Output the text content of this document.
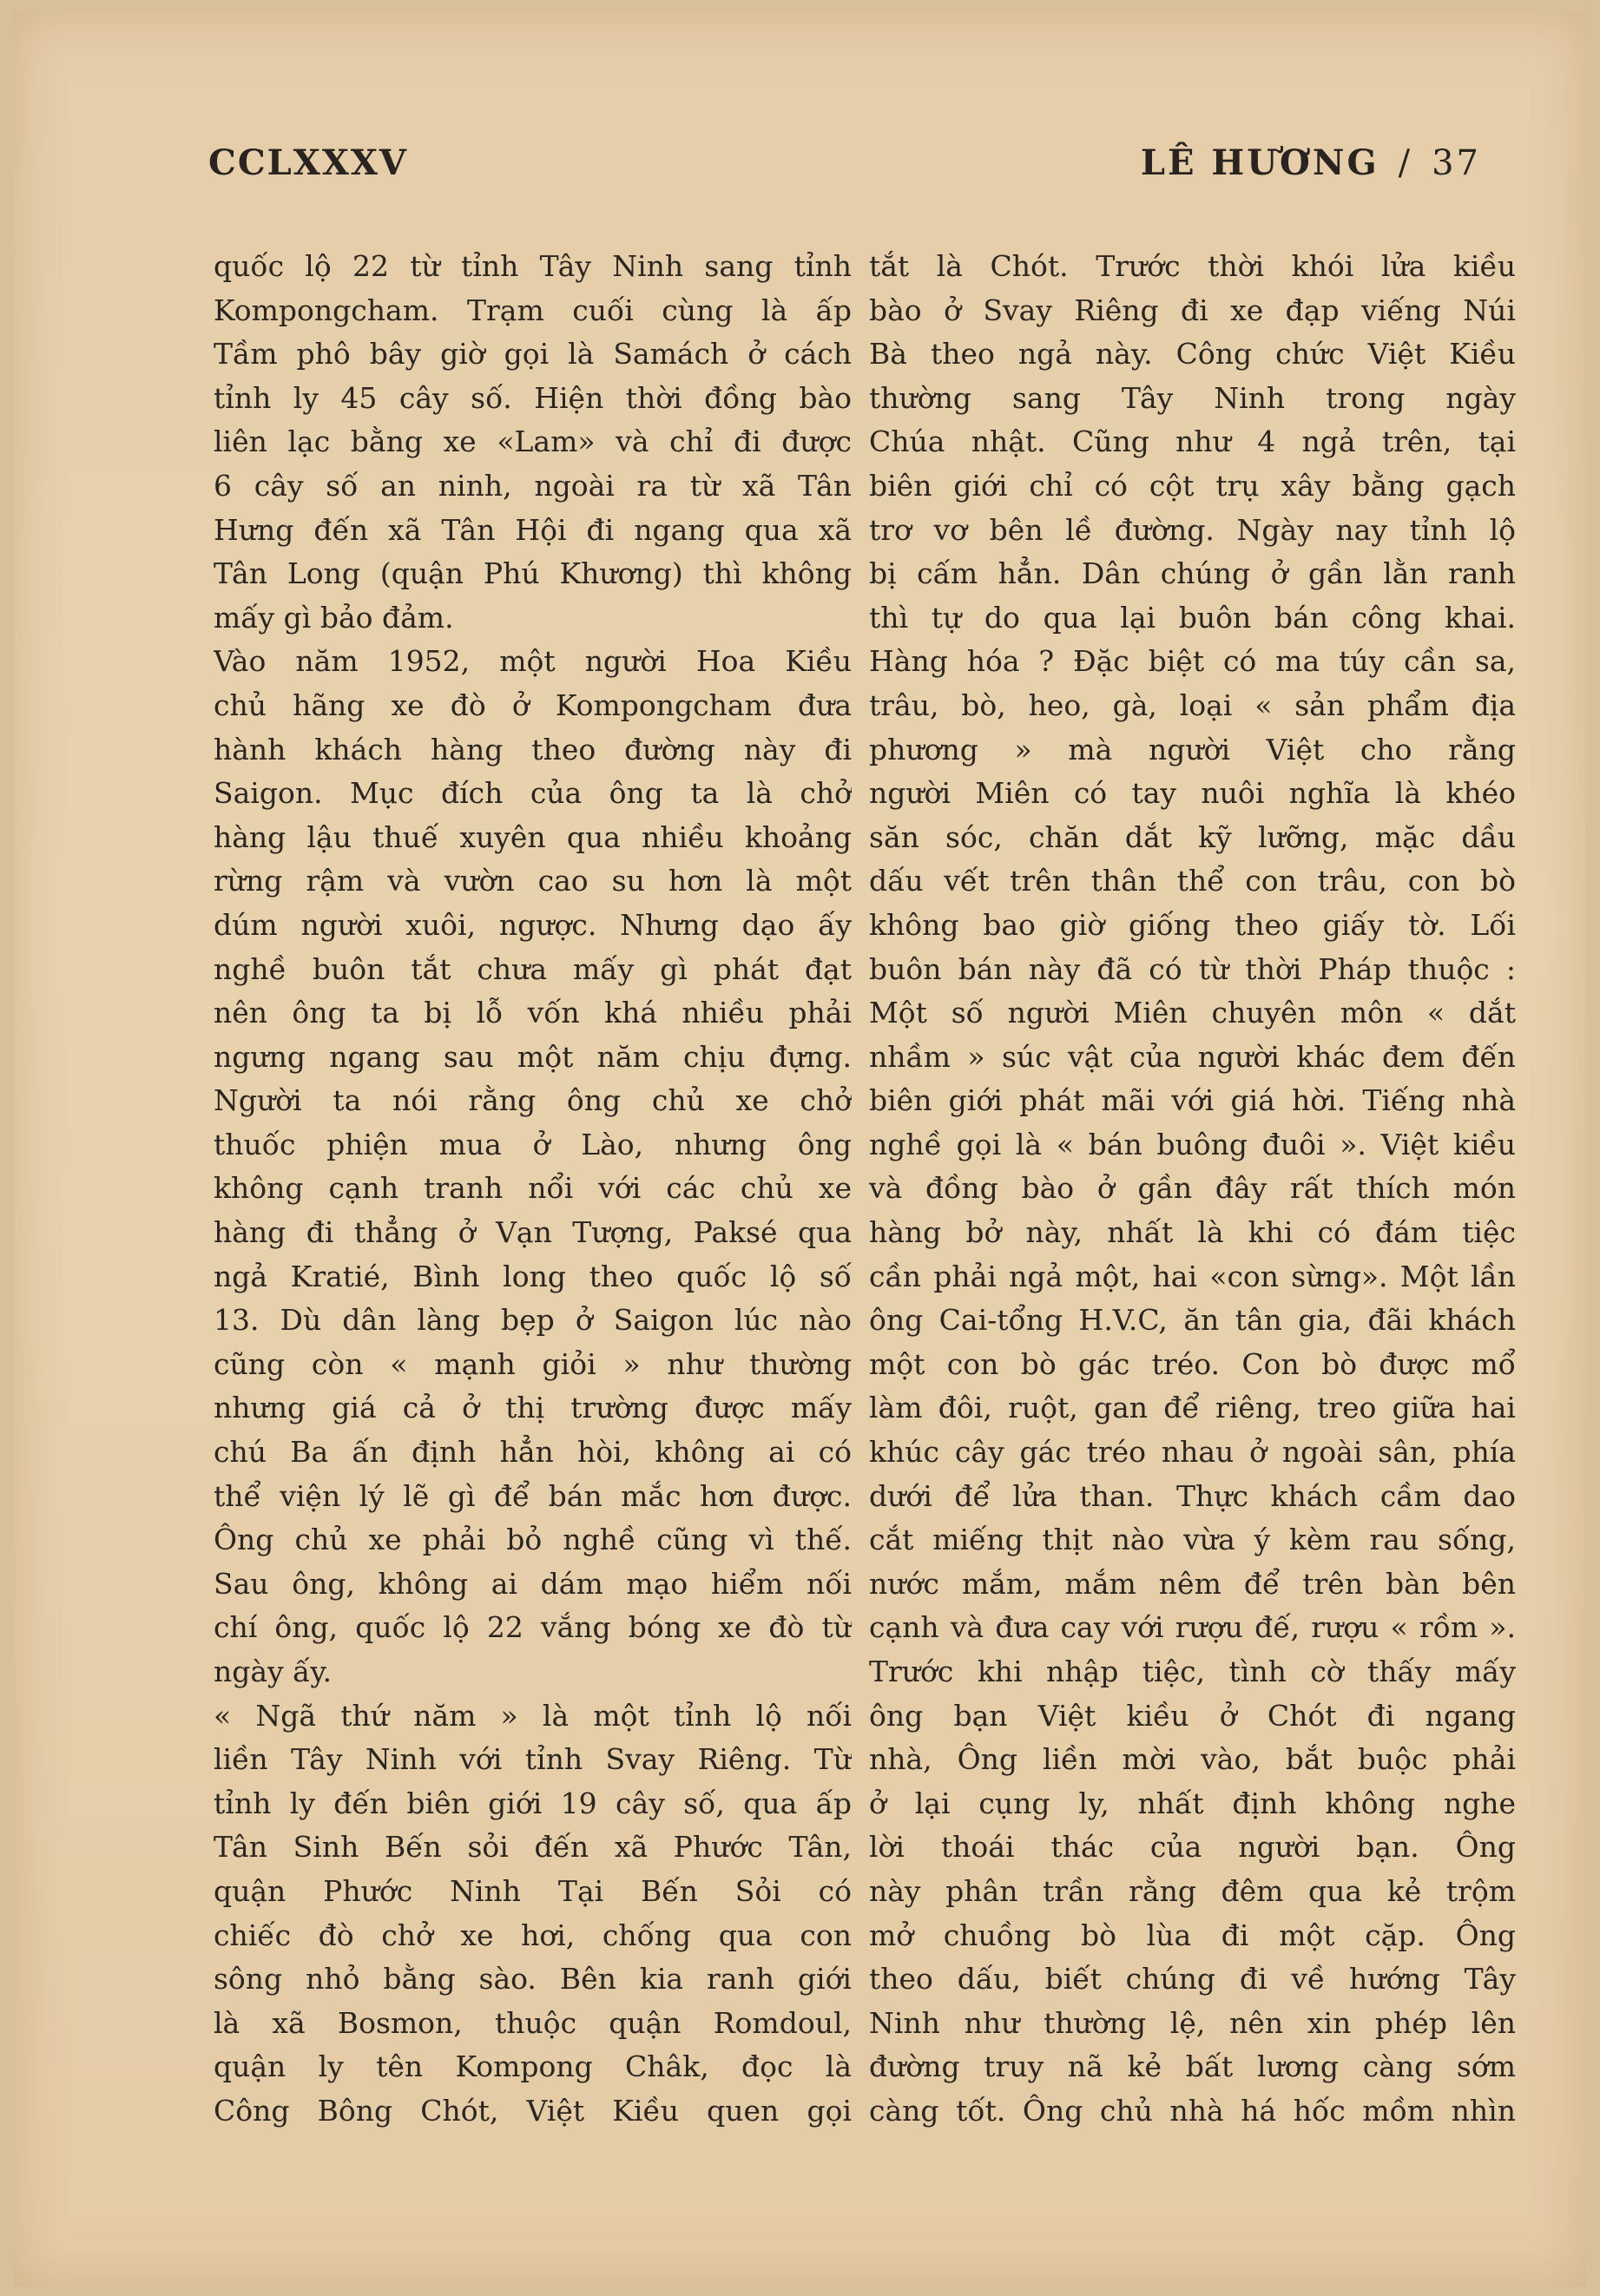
CCLXXXV	LÊ HƯƠNG / 37
quốc lộ 22 từ tỉnh Tây Ninh sang tỉnh
Kompongcham. Trạm cuối cùng là ấp
Tầm phô bây giờ gọi là Samách ở cách
tỉnh ly 45 cây số. Hiện thời đồng bào
liên lạc bằng xe «Lam» và chỉ đi được
6 cây số an ninh, ngoài ra từ xã Tân
Hưng đến xã Tân Hội đi ngang qua xã
Tân Long (quận Phú Khương) thì không
mấy gì bảo đảm.
Vào năm 1952, một người Hoa Kiều
chủ hãng xe đò ở Kompongcham đưa
hành khách hàng theo đường này đi
Saigon. Mục đích của ông ta là chở
hàng lậu thuế xuyên qua nhiều khoảng
rừng rậm và vườn cao su hơn là một
dúm người xuôi, ngược. Nhưng dạo ấy
nghề buôn tắt chưa mấy gì phát đạt
nên ông ta bị lỗ vốn khá nhiều phải
ngưng ngang sau một năm chịu đựng.
Người ta nói rằng ông chủ xe chở
thuốc phiện mua ở Lào, nhưng ông
không cạnh tranh nổi với các chủ xe
hàng đi thẳng ở Vạn Tượng, Paksé qua
ngả Kratié, Bình long theo quốc lộ số
13. Dù dân làng bẹp ở Saigon lúc nào
cũng còn « mạnh giỏi » như thường
nhưng giá cả ở thị trường được mấy
chú Ba ấn định hẳn hòi, không ai có
thể viện lý lẽ gì để bán mắc hơn được.
Ông chủ xe phải bỏ nghề cũng vì thế.
Sau ông, không ai dám mạo hiểm nối
chí ông, quốc lộ 22 vắng bóng xe đò từ
ngày ấy.
« Ngã thứ năm » là một tỉnh lộ nối
liền Tây Ninh với tỉnh Svay Riêng. Từ
tỉnh ly đến biên giới 19 cây số, qua ấp
Tân Sinh Bến sỏi đến xã Phước Tân,
quận Phước Ninh Tại Bến Sỏi có
chiếc đò chở xe hơi, chống qua con
sông nhỏ bằng sào. Bên kia ranh giới
là xã Bosmon, thuộc quận Romdoul,
quận ly tên Kompong Châk, đọc là
Công Bông Chót, Việt Kiều quen gọi
tắt là Chót. Trước thời khói lửa kiều
bào ở Svay Riêng đi xe đạp viếng Núi
Bà theo ngả này. Công chức Việt Kiều
thường sang Tây Ninh trong ngày
Chúa nhật. Cũng như 4 ngả trên, tại
biên giới chỉ có cột trụ xây bằng gạch
trơ vơ bên lề đường. Ngày nay tỉnh lộ
bị cấm hẳn. Dân chúng ở gần lằn ranh
thì tự do qua lại buôn bán công khai.
Hàng hóa ? Đặc biệt có ma túy cần sa,
trâu, bò, heo, gà, loại « sản phẩm địa
phương » mà người Việt cho rằng
người Miên có tay nuôi nghĩa là khéo
săn sóc, chăn dắt kỹ lưỡng, mặc dầu
dấu vết trên thân thể con trâu, con bò
không bao giờ giống theo giấy tờ. Lối
buôn bán này đã có từ thời Pháp thuộc :
Một số người Miên chuyên môn « dắt
nhầm » súc vật của người khác đem đến
biên giới phát mãi với giá hời. Tiếng nhà
nghề gọi là « bán buông đuôi ». Việt kiều
và đồng bào ở gần đây rất thích món
hàng bở này, nhất là khi có đám tiệc
cần phải ngả một, hai «con sừng». Một lần
ông Cai-tổng H.V.C, ăn tân gia, đãi khách
một con bò gác tréo. Con bò được mổ
làm đôi, ruột, gan để riêng, treo giữa hai
khúc cây gác tréo nhau ở ngoài sân, phía
dưới để lửa than. Thực khách cầm dao
cắt miếng thịt nào vừa ý kèm rau sống,
nước mắm, mắm nêm để trên bàn bên
cạnh và đưa cay với rượu đế, rượu « rồm ».
Trước khi nhập tiệc, tình cờ thấy mấy
ông bạn Việt kiều ở Chót đi ngang
nhà, Ông liền mời vào, bắt buộc phải
ở lại cụng ly, nhất định không nghe
lời thoái thác của người bạn. Ông
này phân trần rằng đêm qua kẻ trộm
mở chuồng bò lùa đi một cặp. Ông
theo dấu, biết chúng đi về hướng Tây
Ninh như thường lệ, nên xin phép lên
đường truy nã kẻ bất lương càng sớm
càng tốt. Ông chủ nhà há hốc mồm nhìn
